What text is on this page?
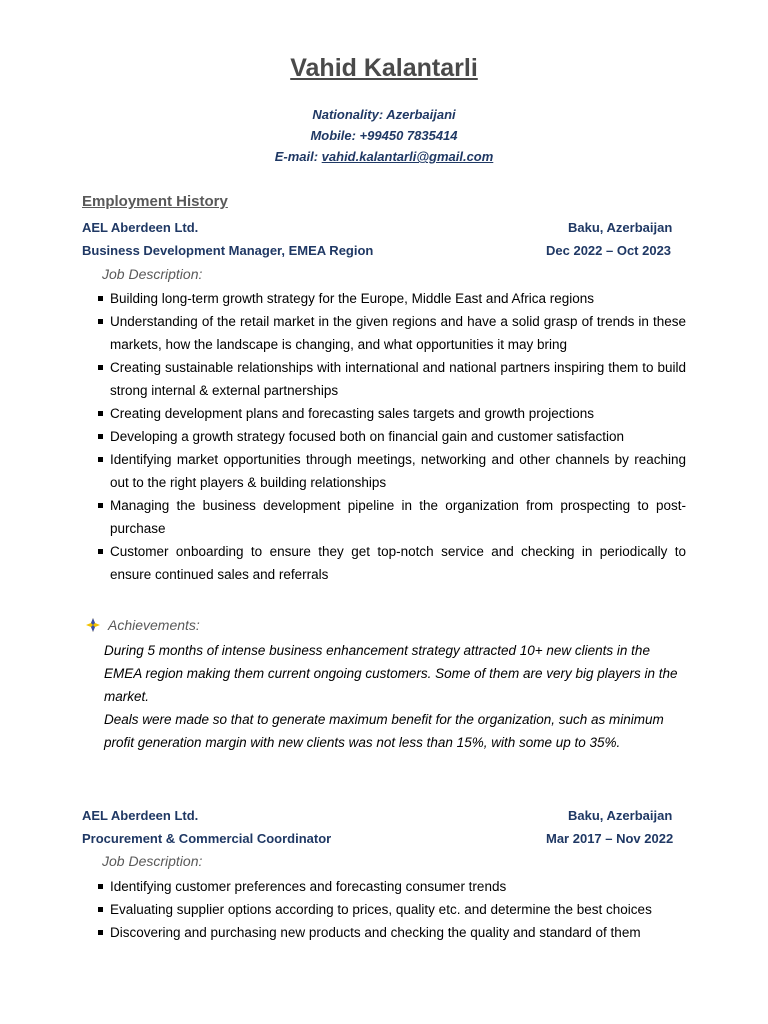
Vahid Kalantarli
Nationality: Azerbaijani
Mobile: +99450 7835414
E-mail: vahid.kalantarli@gmail.com
Employment History
AEL Aberdeen Ltd.	Baku, Azerbaijan
Business Development Manager, EMEA Region	Dec 2022 – Oct 2023
Job Description:
Building long-term growth strategy for the Europe, Middle East and Africa regions
Understanding of the retail market in the given regions and have a solid grasp of trends in these markets, how the landscape is changing, and what opportunities it may bring
Creating sustainable relationships with international and national partners inspiring them to build strong internal & external partnerships
Creating development plans and forecasting sales targets and growth projections
Developing a growth strategy focused both on financial gain and customer satisfaction
Identifying market opportunities through meetings, networking and other channels by reaching out to the right players & building relationships
Managing the business development pipeline in the organization from prospecting to post-purchase
Customer onboarding to ensure they get top-notch service and checking in periodically to ensure continued sales and referrals
Achievements:

During 5 months of intense business enhancement strategy attracted 10+ new clients in the EMEA region making them current ongoing customers. Some of them are very big players in the market.

Deals were made so that to generate maximum benefit for the organization, such as minimum profit generation margin with new clients was not less than 15%, with some up to 35%.

AEL Aberdeen Ltd.	Baku, Azerbaijan
Procurement & Commercial Coordinator	Mar 2017 – Nov 2022
Job Description:
Identifying customer preferences and forecasting consumer trends
Evaluating supplier options according to prices, quality etc. and determine the best choices
Discovering and purchasing new products and checking the quality and standard of them
